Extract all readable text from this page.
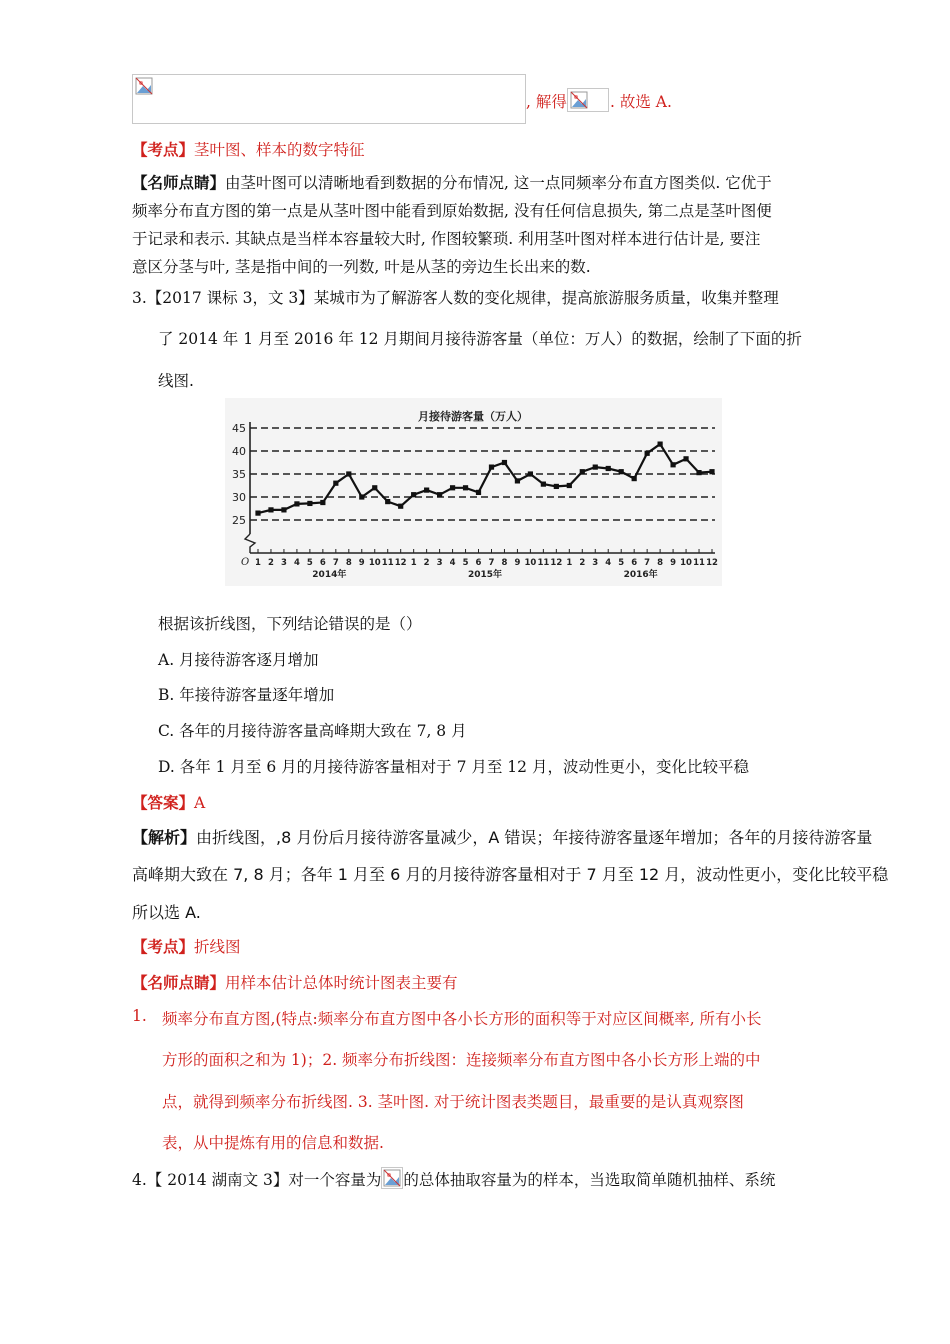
, 解得	. 故选 A.
【考点】茎叶图、样本的数字特征
【名师点睛】由茎叶图可以清晰地看到数据的分布情况, 这一点同频率分布直方图类似. 它优于
频率分布直方图的第一点是从茎叶图中能看到原始数据, 没有任何信息损失, 第二点是茎叶图便
于记录和表示. 其缺点是当样本容量较大时, 作图较繁琐. 利用茎叶图对样本进行估计是, 要注
意区分茎与叶, 茎是指中间的一列数, 叶是从茎的旁边生长出来的数.
3.【2017 课标 3，文 3】某城市为了解游客人数的变化规律，提高旅游服务质量，收集并整理
了 2014 年 1 月至 2016 年 12 月期间月接待游客量（单位：万人）的数据，绘制了下面的折
线图.
月接待游客量（万人）
25
30
35
40
45
O 1 2 3 4 5 6 7 8 9 10 11 12 1 2 3 4 5 6 7 8 9 10 11 12 1 2 3 4 5 6 7 8 9 10 11 12
2014年	2015年	2016年
根据该折线图，下列结论错误的是（）
A. 月接待游客逐月增加
B. 年接待游客量逐年增加
C. 各年的月接待游客量高峰期大致在 7, 8 月
D. 各年 1 月至 6 月的月接待游客量相对于 7 月至 12 月，波动性更小，变化比较平稳
【答案】A
【解析】由折线图，,8 月份后月接待游客量减少，A 错误；年接待游客量逐年增加；各年的月接待游客量
高峰期大致在 7, 8 月；各年 1 月至 6 月的月接待游客量相对于 7 月至 12 月，波动性更小，变化比较平稳
所以选 A.
【考点】折线图
【名师点睛】用样本估计总体时统计图表主要有
1. 频率分布直方图,(特点:频率分布直方图中各小长方形的面积等于对应区间概率, 所有小长
方形的面积之和为 1)；2. 频率分布折线图：连接频率分布直方图中各小长方形上端的中
点，就得到频率分布折线图. 3. 茎叶图. 对于统计图表类题目，最重要的是认真观察图
表，从中提炼有用的信息和数据.
4.【 2014 湖南文 3】对一个容量为 的总体抽取容量为的样本，当选取简单随机抽样、系统
